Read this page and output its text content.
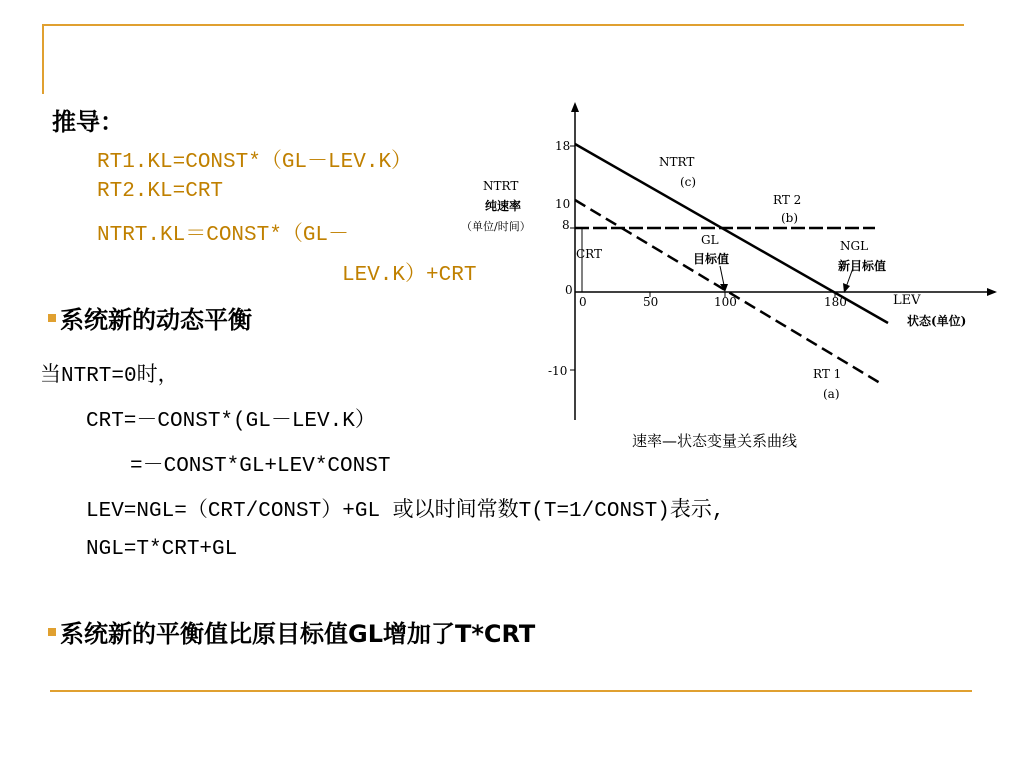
推导：
RT1.KL=CONST*（GL－LEV.K）
RT2.KL=CRT
NTRT.KL＝CONST*（GL－
LEV.K）+CRT
系统新的动态平衡
当NTRT=0时，
CRT=－CONST*(GL－LEV.K）
=－CONST*GL+LEV*CONST
LEV=NGL=（CRT/CONST）+GL 或以时间常数T(T=1/CONST)表示,
NGL=T*CRT+GL
系统新的平衡值比原目标值GL增加了T*CRT
18
10
8
0
-10
0	50	100	180
NTRT
纯速率
（单位/时间）
LEV
状态(单位)
CRT
GL
目标值
NGL
新目标值
NTRT
(c)
RT 2
(b)
RT 1
(a)
速率—状态变量关系曲线
